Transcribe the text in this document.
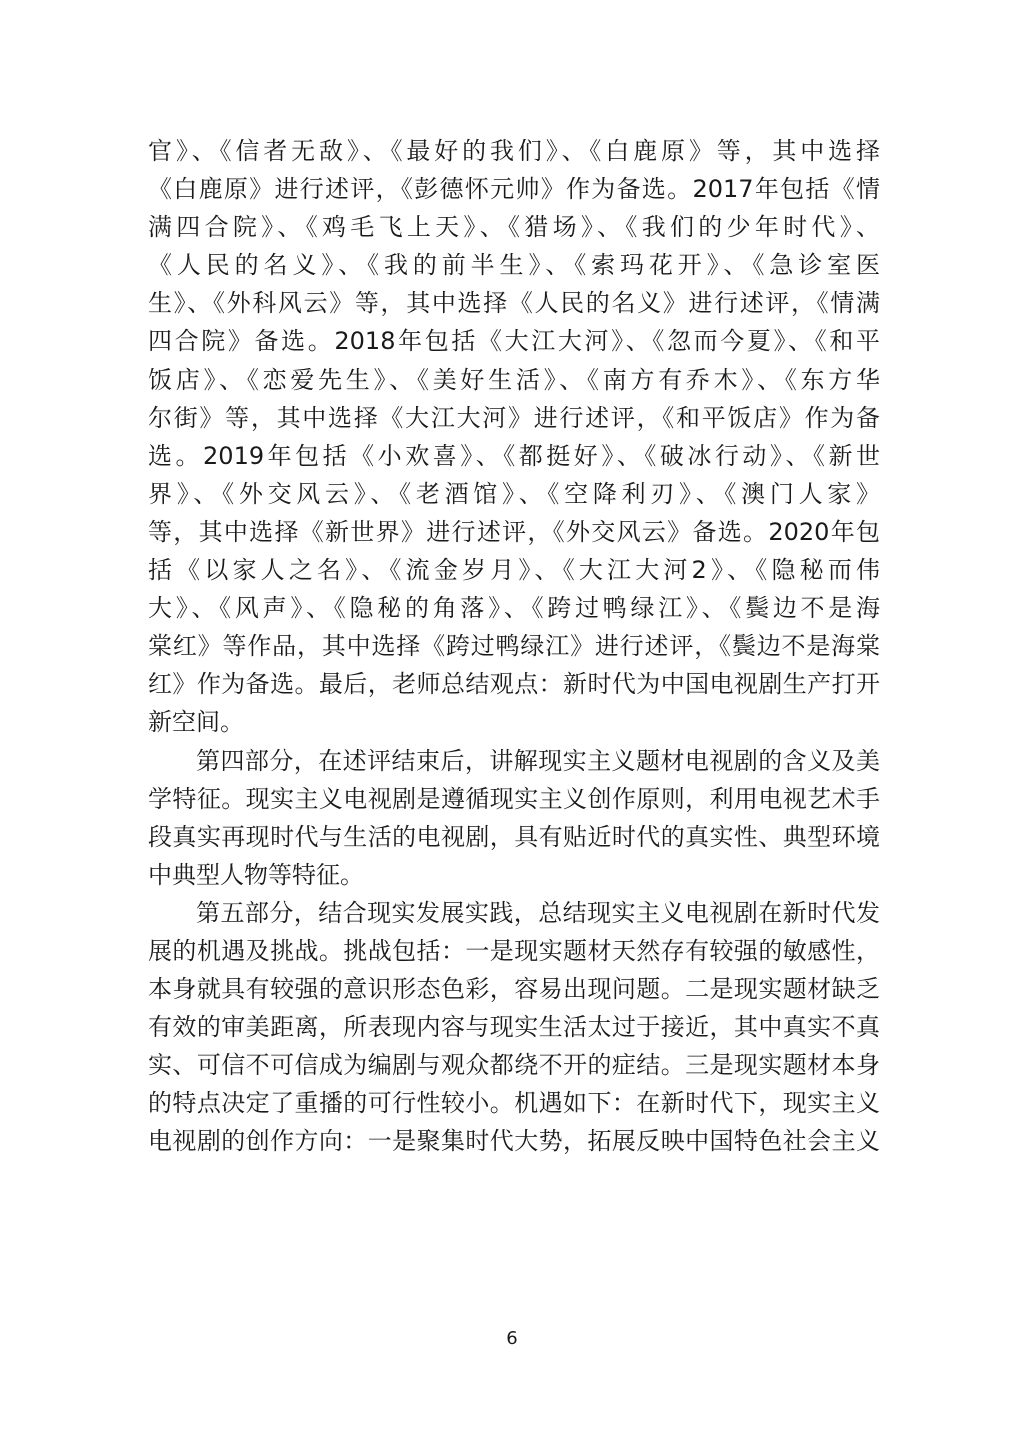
官》、《信者无敌》、《最好的我们》、《白鹿原》等，其中选择
《白鹿原》进行述评，《彭德怀元帅》作为备选。2017年包括《情
满四合院》、《鸡毛飞上天》、《猎场》、《我们的少年时代》、
《人民的名义》、《我的前半生》、《索玛花开》、《急诊室医
生》、《外科风云》等，其中选择《人民的名义》进行述评，《情满
四合院》备选。2018年包括《大江大河》、《忽而今夏》、《和平
饭店》、《恋爱先生》、《美好生活》、《南方有乔木》、《东方华
尔街》等，其中选择《大江大河》进行述评，《和平饭店》作为备
选。2019年包括《小欢喜》、《都挺好》、《破冰行动》、《新世
界》、《外交风云》、《老酒馆》、《空降利刃》、《澳门人家》
等，其中选择《新世界》进行述评，《外交风云》备选。2020年包
括《以家人之名》、《流金岁月》、《大江大河2》、《隐秘而伟
大》、《风声》、《隐秘的角落》、《跨过鸭绿江》、《鬓边不是海
棠红》等作品，其中选择《跨过鸭绿江》进行述评，《鬓边不是海棠
红》作为备选。最后，老师总结观点：新时代为中国电视剧生产打开
新空间。
第四部分，在述评结束后，讲解现实主义题材电视剧的含义及美
学特征。现实主义电视剧是遵循现实主义创作原则，利用电视艺术手
段真实再现时代与生活的电视剧，具有贴近时代的真实性、典型环境
中典型人物等特征。
第五部分，结合现实发展实践，总结现实主义电视剧在新时代发
展的机遇及挑战。挑战包括：一是现实题材天然存有较强的敏感性，
本身就具有较强的意识形态色彩，容易出现问题。二是现实题材缺乏
有效的审美距离，所表现内容与现实生活太过于接近，其中真实不真
实、可信不可信成为编剧与观众都绕不开的症结。三是现实题材本身
的特点决定了重播的可行性较小。机遇如下：在新时代下，现实主义
电视剧的创作方向：一是聚集时代大势，拓展反映中国特色社会主义
6
